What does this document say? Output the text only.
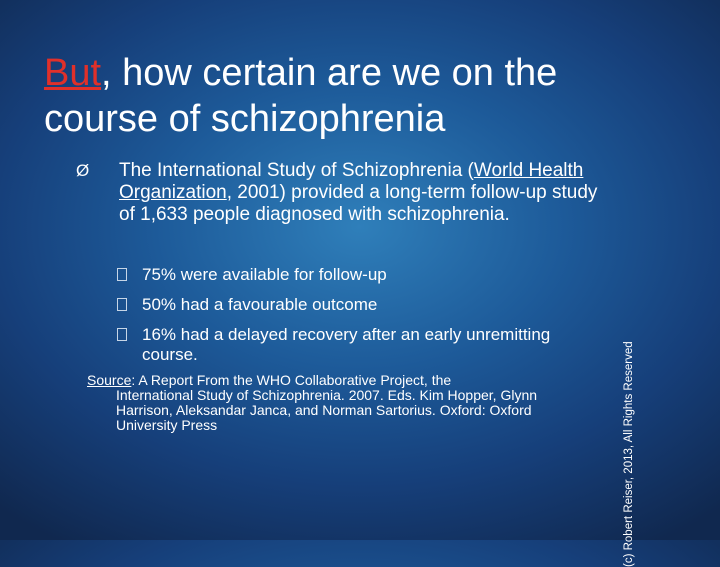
But, how certain are we on the course of schizophrenia
Ø The International Study of Schizophrenia (World Health Organization, 2001) provided a long-term follow-up study of 1,633 people diagnosed with schizophrenia.
75% were available for follow-up
50% had a favourable outcome
16% had a delayed recovery after an early unremitting course.
Source: A Report From the WHO Collaborative Project, the
International Study of Schizophrenia. 2007. Eds. Kim Hopper, Glynn Harrison, Aleksandar Janca, and Norman Sartorius. Oxford: Oxford University Press	(c) Robert Reiser, 2013, All Rights Reserved
